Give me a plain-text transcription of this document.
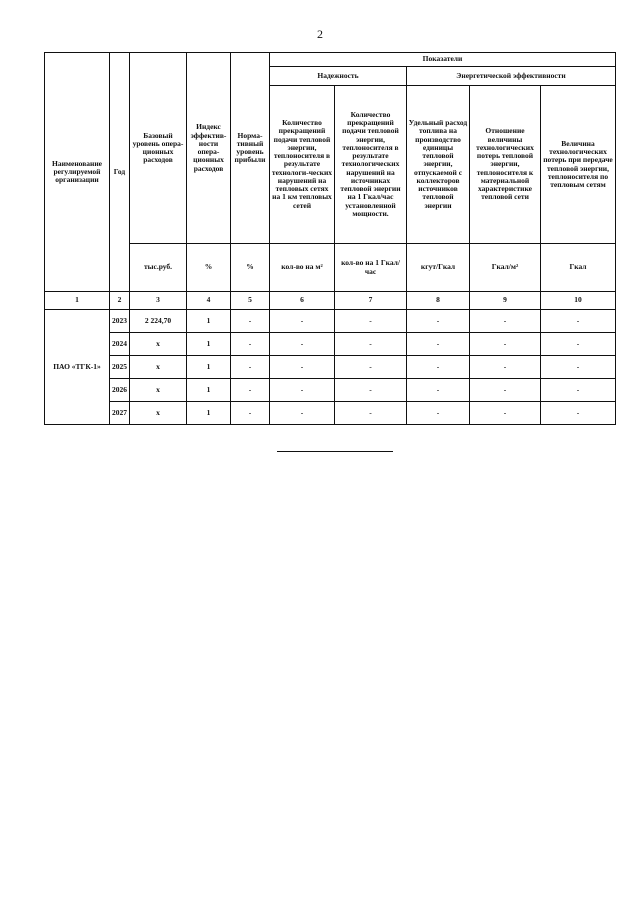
2
Наименование регулируемой организации	Год	Базовый уровень опера-ционных расходов	Индекс эффектив-ности опера-ционных расходов	Норма-тивный уровень прибыли	Показатели				
					Надежность		Энергетической эффективности		
					Количество прекращений подачи тепловой энергии, теплоносителя в результате технологи-ческих нарушений на тепловых сетях на 1 км тепловых сетей	Количество прекращений подачи тепловой энергии, теплоносителя в результате технологических нарушений на источниках тепловой энергии на 1 Гкал/час установленной мощности.	Удельный расход топлива на производство единицы тепловой энергии, отпускаемой с коллекторов источников тепловой энергии	Отношение величины технологических потерь тепловой энергии, теплоносителя к материальной характеристике тепловой сети	Величина технологических потерь при передаче тепловой энергии, теплоносителя по тепловым сетям
		тыс.руб.	%	%	кол-во на м²	кол-во на 1 Гкал/час	кгут/Гкал	Гкал/м²	Гкал
1	2	3	4	5	6	7	8	9	10
ПАО «ТГК-1»	2023	2 224,70	1	-	-	-	-	-	-
	2024	х	1	-	-	-	-	-	-
	2025	х	1	-	-	-	-	-	-
	2026	х	1	-	-	-	-	-	-
	2027	х	1	-	-	-	-	-	-
